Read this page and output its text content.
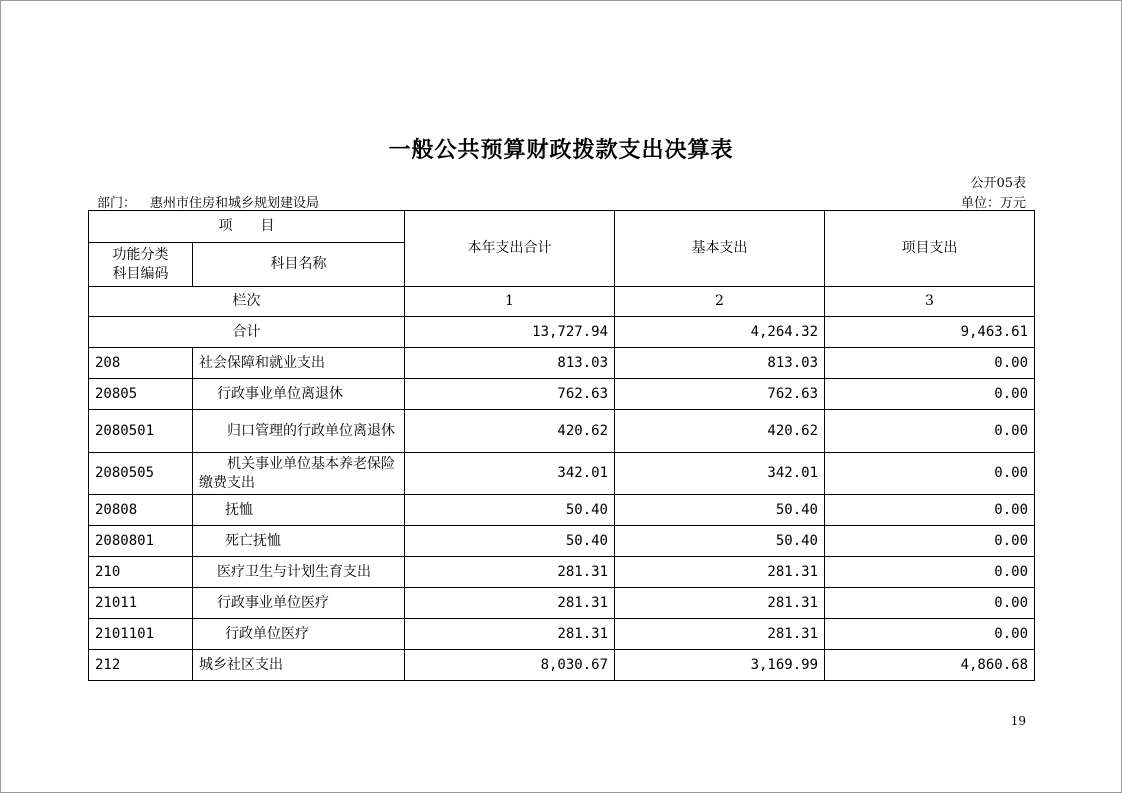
一般公共预算财政拨款支出决算表
公开05表
部门： 惠州市住房和城乡规划建设局	单位：万元
项　　目		本年支出合计	基本支出	项目支出
功能分类
科目编码	科目名称			
栏次		1	2	3
合计		13,727.94	4,264.32	9,463.61
208	社会保障和就业支出	813.03	813.03	0.00
20805	行政事业单位离退休	762.63	762.63	0.00
2080501	归口管理的行政单位离退休	420.62	420.62	0.00
2080505	机关事业单位基本养老保险缴费支出	342.01	342.01	0.00
20808	抚恤	50.40	50.40	0.00
2080801	死亡抚恤	50.40	50.40	0.00
210	医疗卫生与计划生育支出	281.31	281.31	0.00
21011	行政事业单位医疗	281.31	281.31	0.00
2101101	行政单位医疗	281.31	281.31	0.00
212	城乡社区支出	8,030.67	3,169.99	4,860.68
19
